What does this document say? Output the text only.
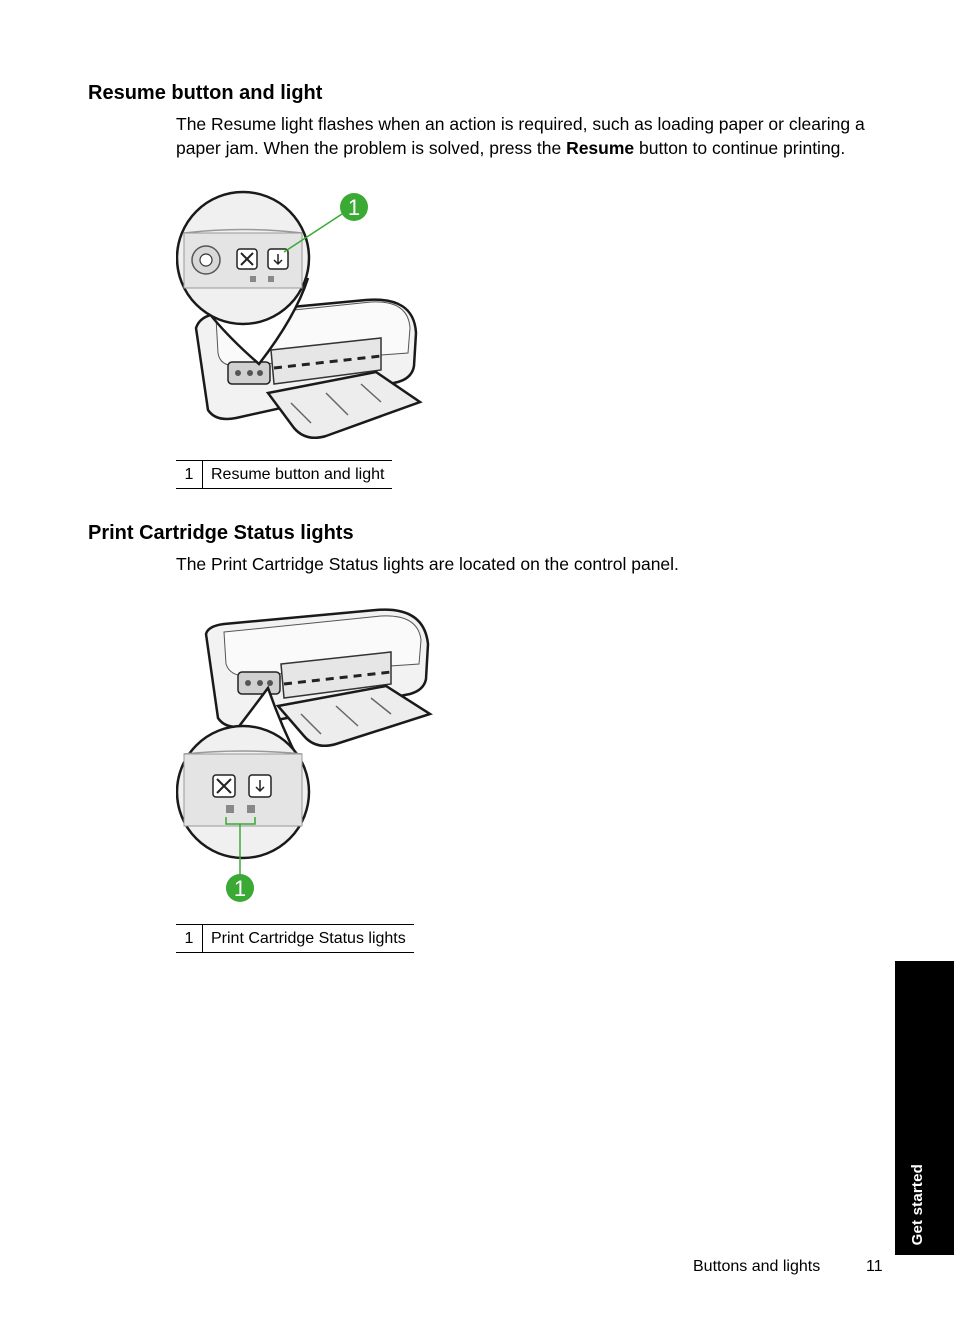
Resume button and light

The Resume light flashes when an action is required, such as loading paper or clearing a paper jam. When the problem is solved, press the Resume button to continue printing.

1
1	Resume button and light
Print Cartridge Status lights

The Print Cartridge Status lights are located on the control panel.

1
1	Print Cartridge Status lights
Get started
Buttons and lights	11
